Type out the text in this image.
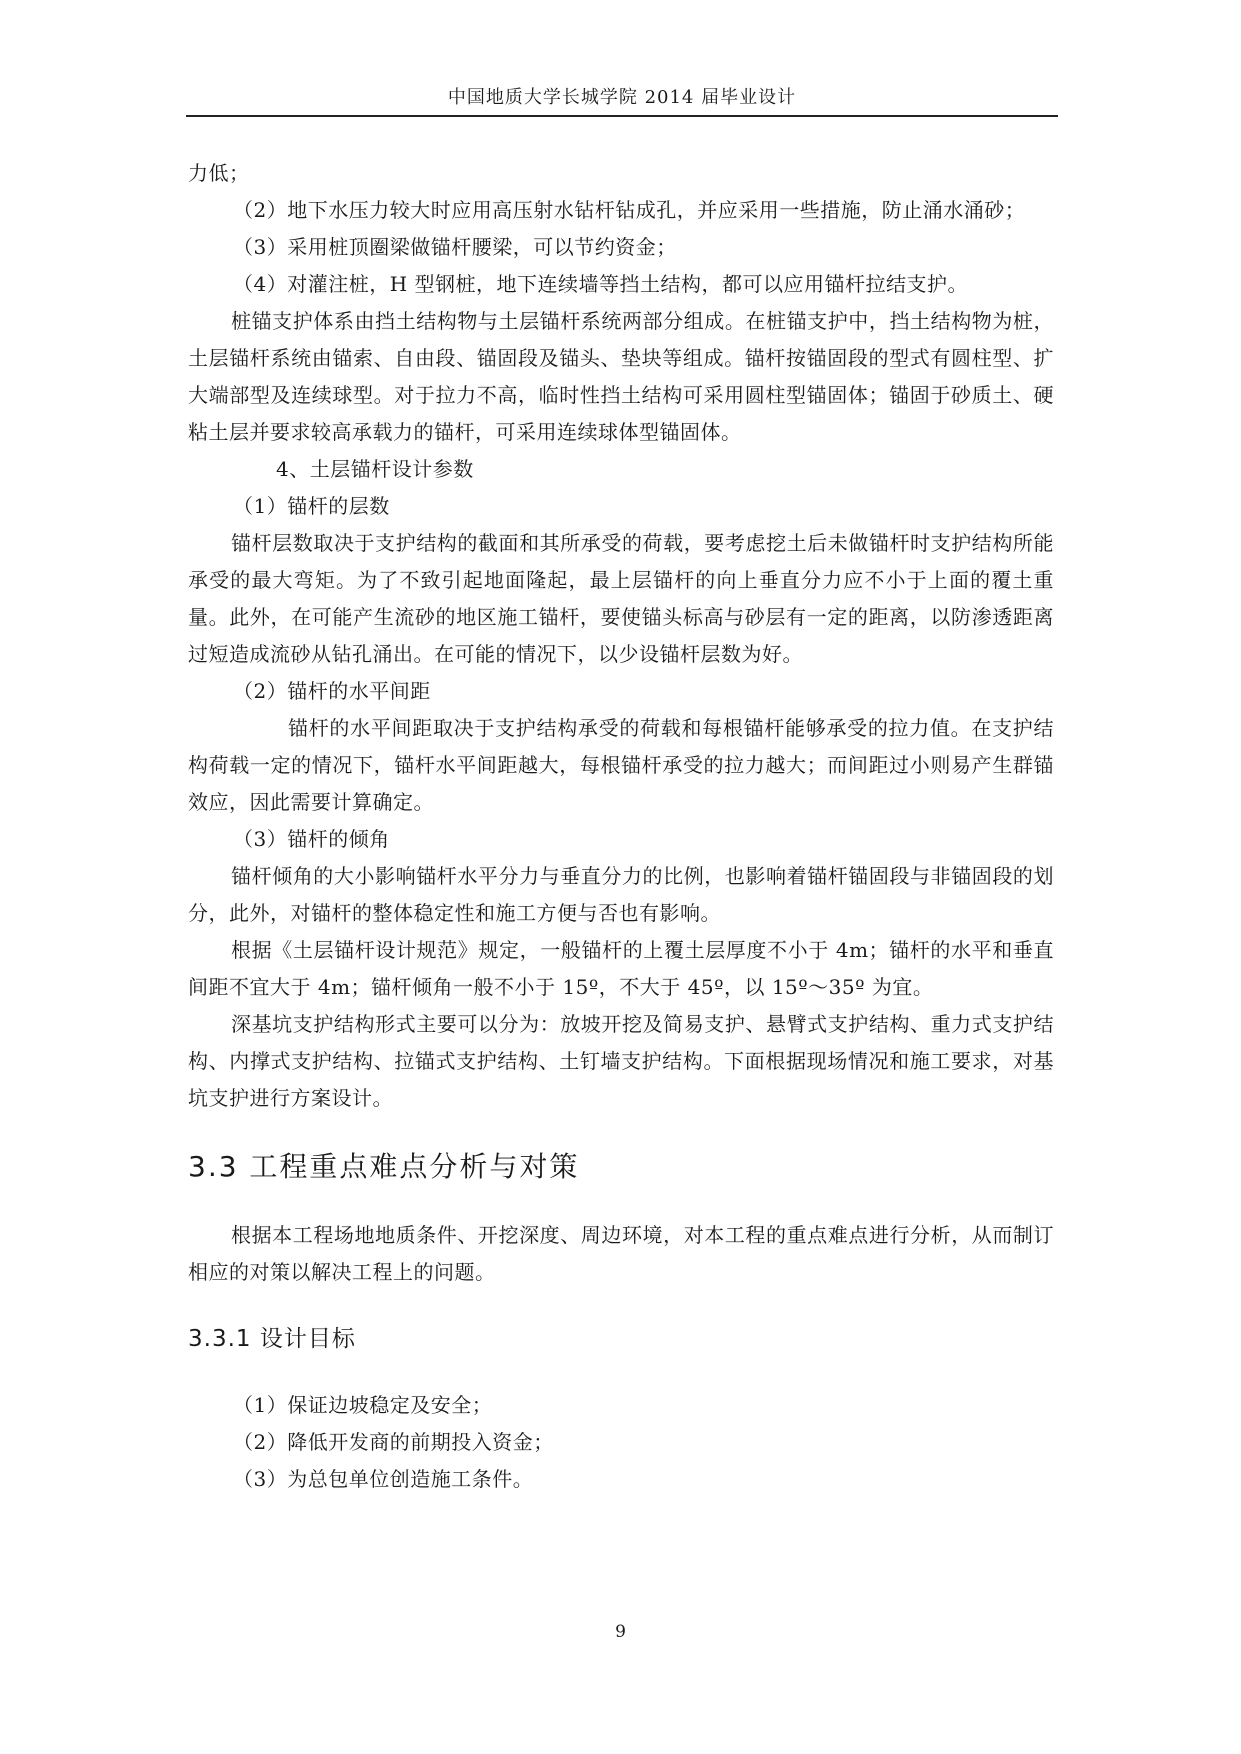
中国地质大学长城学院 2014 届毕业设计

力低；

（2）地下水压力较大时应用高压射水钻杆钻成孔，并应采用一些措施，防止涌水涌砂；

（3）采用桩顶圈梁做锚杆腰梁，可以节约资金；

（4）对灌注桩，H 型钢桩，地下连续墙等挡土结构，都可以应用锚杆拉结支护。

桩锚支护体系由挡土结构物与土层锚杆系统两部分组成。在桩锚支护中，挡土结构物为桩，土层锚杆系统由锚索、自由段、锚固段及锚头、垫块等组成。锚杆按锚固段的型式有圆柱型、扩大端部型及连续球型。对于拉力不高，临时性挡土结构可采用圆柱型锚固体；锚固于砂质土、硬粘土层并要求较高承载力的锚杆，可采用连续球体型锚固体。

4、土层锚杆设计参数

（1）锚杆的层数

锚杆层数取决于支护结构的截面和其所承受的荷载，要考虑挖土后未做锚杆时支护结构所能承受的最大弯矩。为了不致引起地面隆起，最上层锚杆的向上垂直分力应不小于上面的覆土重量。此外，在可能产生流砂的地区施工锚杆，要使锚头标高与砂层有一定的距离，以防渗透距离过短造成流砂从钻孔涌出。在可能的情况下，以少设锚杆层数为好。

（2）锚杆的水平间距

锚杆的水平间距取决于支护结构承受的荷载和每根锚杆能够承受的拉力值。在支护结构荷载一定的情况下，锚杆水平间距越大，每根锚杆承受的拉力越大；而间距过小则易产生群锚效应，因此需要计算确定。

（3）锚杆的倾角

锚杆倾角的大小影响锚杆水平分力与垂直分力的比例，也影响着锚杆锚固段与非锚固段的划分，此外，对锚杆的整体稳定性和施工方便与否也有影响。

根据《土层锚杆设计规范》规定，一般锚杆的上覆土层厚度不小于 4m；锚杆的水平和垂直间距不宜大于 4m；锚杆倾角一般不小于 15º，不大于 45º，以 15º～35º 为宜。

深基坑支护结构形式主要可以分为：放坡开挖及简易支护、悬臂式支护结构、重力式支护结构、内撑式支护结构、拉锚式支护结构、土钉墙支护结构。下面根据现场情况和施工要求，对基坑支护进行方案设计。

3.3 工程重点难点分析与对策

根据本工程场地地质条件、开挖深度、周边环境，对本工程的重点难点进行分析，从而制订相应的对策以解决工程上的问题。

3.3.1 设计目标

（1）保证边坡稳定及安全；

（2）降低开发商的前期投入资金；

（3）为总包单位创造施工条件。

9
